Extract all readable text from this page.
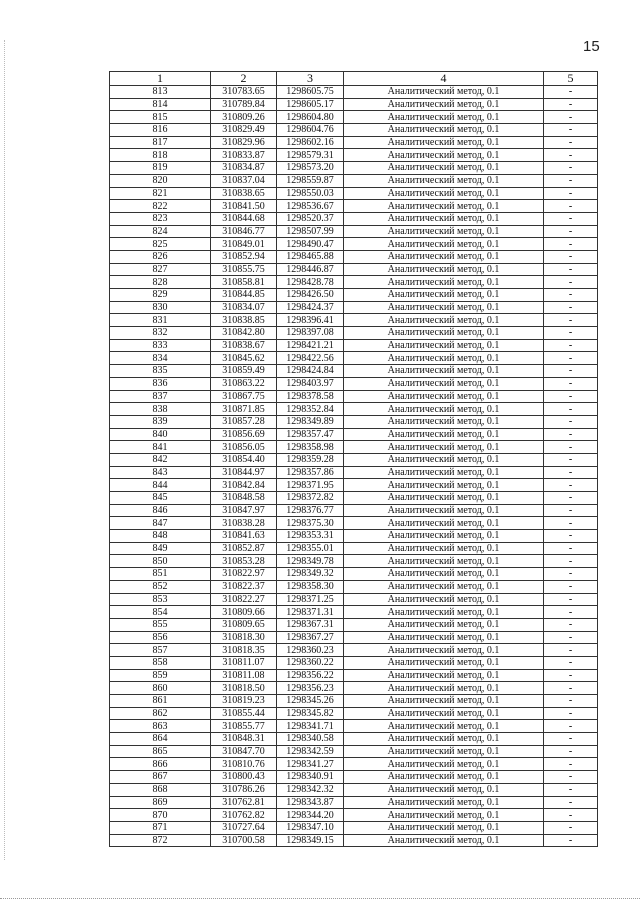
15
1	2	3	4	5
813	310783.65	1298605.75	Аналитический метод, 0.1	-
814	310789.84	1298605.17	Аналитический метод, 0.1	-
815	310809.26	1298604.80	Аналитический метод, 0.1	-
816	310829.49	1298604.76	Аналитический метод, 0.1	-
817	310829.96	1298602.16	Аналитический метод, 0.1	-
818	310833.87	1298579.31	Аналитический метод, 0.1	-
819	310834.87	1298573.20	Аналитический метод, 0.1	-
820	310837.04	1298559.87	Аналитический метод, 0.1	-
821	310838.65	1298550.03	Аналитический метод, 0.1	-
822	310841.50	1298536.67	Аналитический метод, 0.1	-
823	310844.68	1298520.37	Аналитический метод, 0.1	-
824	310846.77	1298507.99	Аналитический метод, 0.1	-
825	310849.01	1298490.47	Аналитический метод, 0.1	-
826	310852.94	1298465.88	Аналитический метод, 0.1	-
827	310855.75	1298446.87	Аналитический метод, 0.1	-
828	310858.81	1298428.78	Аналитический метод, 0.1	-
829	310844.85	1298426.50	Аналитический метод, 0.1	-
830	310834.07	1298424.37	Аналитический метод, 0.1	-
831	310838.85	1298396.41	Аналитический метод, 0.1	-
832	310842.80	1298397.08	Аналитический метод, 0.1	-
833	310838.67	1298421.21	Аналитический метод, 0.1	-
834	310845.62	1298422.56	Аналитический метод, 0.1	-
835	310859.49	1298424.84	Аналитический метод, 0.1	-
836	310863.22	1298403.97	Аналитический метод, 0.1	-
837	310867.75	1298378.58	Аналитический метод, 0.1	-
838	310871.85	1298352.84	Аналитический метод, 0.1	-
839	310857.28	1298349.89	Аналитический метод, 0.1	-
840	310856.69	1298357.47	Аналитический метод, 0.1	-
841	310856.05	1298358.98	Аналитический метод, 0.1	-
842	310854.40	1298359.28	Аналитический метод, 0.1	-
843	310844.97	1298357.86	Аналитический метод, 0.1	-
844	310842.84	1298371.95	Аналитический метод, 0.1	-
845	310848.58	1298372.82	Аналитический метод, 0.1	-
846	310847.97	1298376.77	Аналитический метод, 0.1	-
847	310838.28	1298375.30	Аналитический метод, 0.1	-
848	310841.63	1298353.31	Аналитический метод, 0.1	-
849	310852.87	1298355.01	Аналитический метод, 0.1	-
850	310853.28	1298349.78	Аналитический метод, 0.1	-
851	310822.97	1298349.32	Аналитический метод, 0.1	-
852	310822.37	1298358.30	Аналитический метод, 0.1	-
853	310822.27	1298371.25	Аналитический метод, 0.1	-
854	310809.66	1298371.31	Аналитический метод, 0.1	-
855	310809.65	1298367.31	Аналитический метод, 0.1	-
856	310818.30	1298367.27	Аналитический метод, 0.1	-
857	310818.35	1298360.23	Аналитический метод, 0.1	-
858	310811.07	1298360.22	Аналитический метод, 0.1	-
859	310811.08	1298356.22	Аналитический метод, 0.1	-
860	310818.50	1298356.23	Аналитический метод, 0.1	-
861	310819.23	1298345.26	Аналитический метод, 0.1	-
862	310855.44	1298345.82	Аналитический метод, 0.1	-
863	310855.77	1298341.71	Аналитический метод, 0.1	-
864	310848.31	1298340.58	Аналитический метод, 0.1	-
865	310847.70	1298342.59	Аналитический метод, 0.1	-
866	310810.76	1298341.27	Аналитический метод, 0.1	-
867	310800.43	1298340.91	Аналитический метод, 0.1	-
868	310786.26	1298342.32	Аналитический метод, 0.1	-
869	310762.81	1298343.87	Аналитический метод, 0.1	-
870	310762.82	1298344.20	Аналитический метод, 0.1	-
871	310727.64	1298347.10	Аналитический метод, 0.1	-
872	310700.58	1298349.15	Аналитический метод, 0.1	-
